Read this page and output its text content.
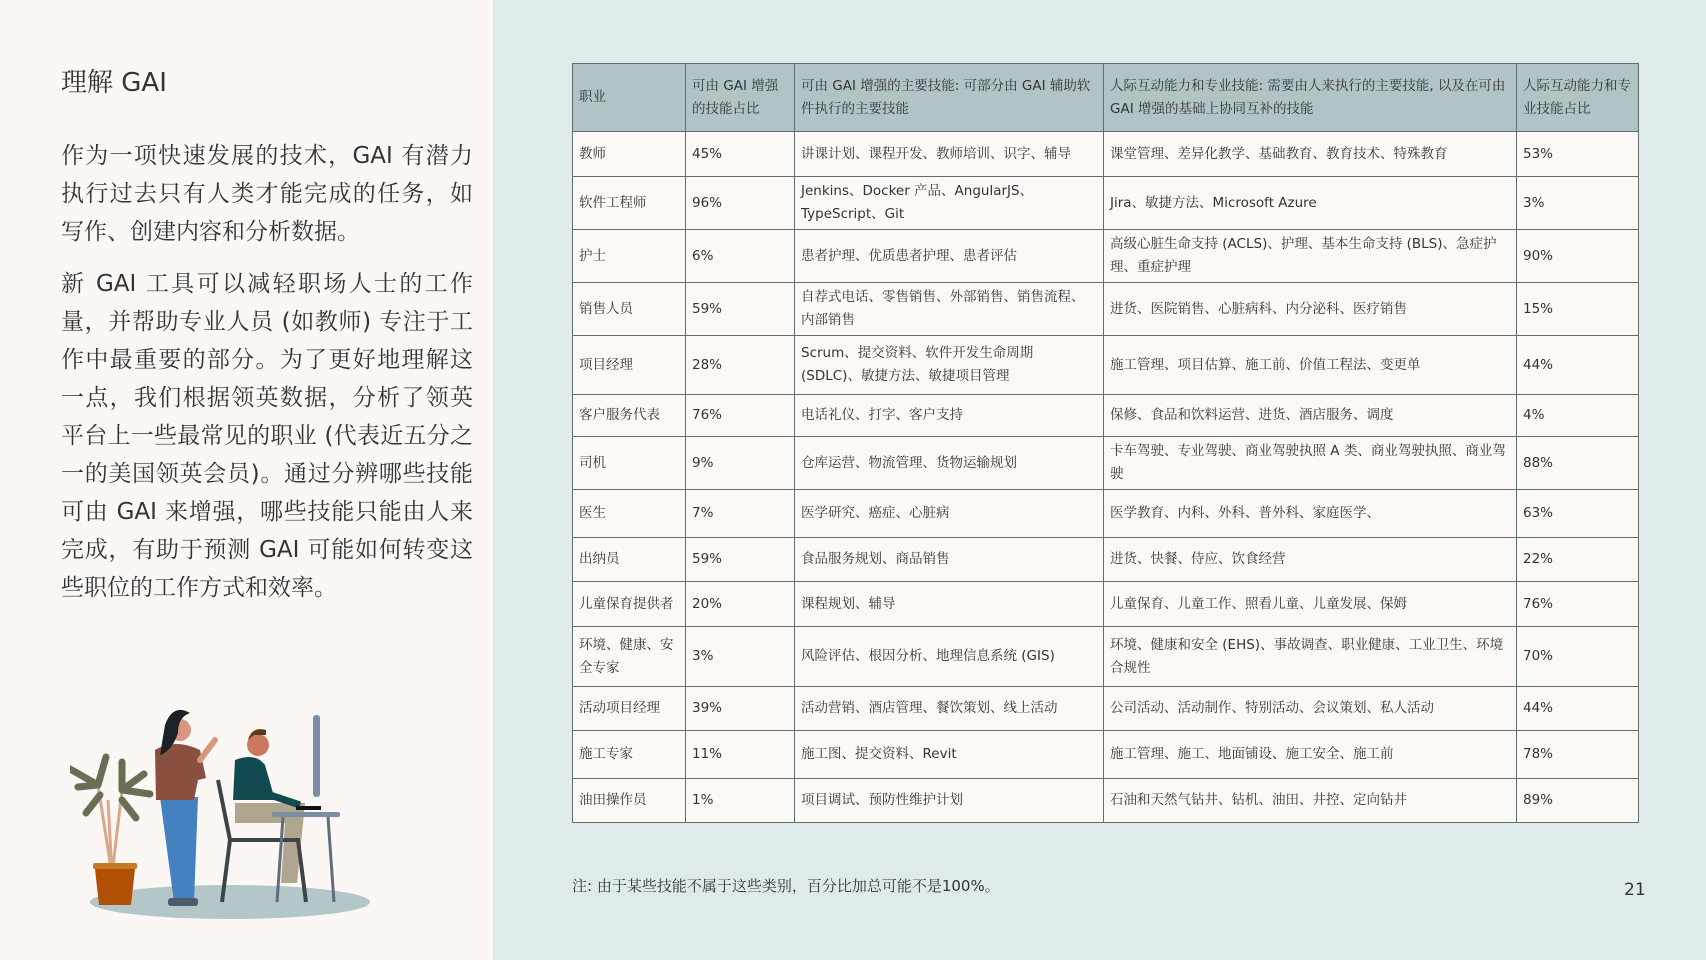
理解 GAI
作为一项快速发展的技术，GAI 有潜力执行过去只有人类才能完成的任务，如写作、创建内容和分析数据。
新 GAI 工具可以减轻职场人士的工作量，并帮助专业人员 (如教师) 专注于工作中最重要的部分。为了更好地理解这一点，我们根据领英数据，分析了领英平台上一些最常见的职业 (代表近五分之一的美国领英会员)。通过分辨哪些技能可由 GAI 来增强，哪些技能只能由人来完成，有助于预测 GAI 可能如何转变这些职位的工作方式和效率。
职业	可由 GAI 增强的技能占比	可由 GAI 增强的主要技能: 可部分由 GAI 辅助软件执行的主要技能	人际互动能力和专业技能: 需要由人来执行的主要技能, 以及在可由 GAI 增强的基础上协同互补的技能	人际互动能力和专业技能占比
教师	45%	讲课计划、课程开发、教师培训、识字、辅导	课堂管理、差异化教学、基础教育、教育技术、特殊教育	53%
软件工程师	96%	Jenkins、Docker 产品、AngularJS、TypeScript、Git	Jira、敏捷方法、Microsoft Azure	3%
护士	6%	患者护理、优质患者护理、患者评估	高级心脏生命支持 (ACLS)、护理、基本生命支持 (BLS)、急症护理、重症护理	90%
销售人员	59%	自荐式电话、零售销售、外部销售、销售流程、内部销售	进货、医院销售、心脏病科、内分泌科、医疗销售	15%
项目经理	28%	Scrum、提交资料、软件开发生命周期 (SDLC)、敏捷方法、敏捷项目管理	施工管理、项目估算、施工前、价值工程法、变更单	44%
客户服务代表	76%	电话礼仪、打字、客户支持	保修、食品和饮料运营、进货、酒店服务、调度	4%
司机	9%	仓库运营、物流管理、货物运输规划	卡车驾驶、专业驾驶、商业驾驶执照 A 类、商业驾驶执照、商业驾驶	88%
医生	7%	医学研究、癌症、心脏病	医学教育、内科、外科、普外科、家庭医学、	63%
出纳员	59%	食品服务规划、商品销售	进货、快餐、侍应、饮食经营	22%
儿童保育提供者	20%	课程规划、辅导	儿童保育、儿童工作、照看儿童、儿童发展、保姆	76%
环境、健康、安全专家	3%	风险评估、根因分析、地理信息系统 (GIS)	环境、健康和安全 (EHS)、事故调查、职业健康、工业卫生、环境合规性	70%
活动项目经理	39%	活动营销、酒店管理、餐饮策划、线上活动	公司活动、活动制作、特别活动、会议策划、私人活动	44%
施工专家	11%	施工图、提交资料、Revit	施工管理、施工、地面铺设、施工安全、施工前	78%
油田操作员	1%	项目调试、预防性维护计划	石油和天然气钻井、钻机、油田、井控、定向钻井	89%
注: 由于某些技能不属于这些类别，百分比加总可能不是100%。	21
